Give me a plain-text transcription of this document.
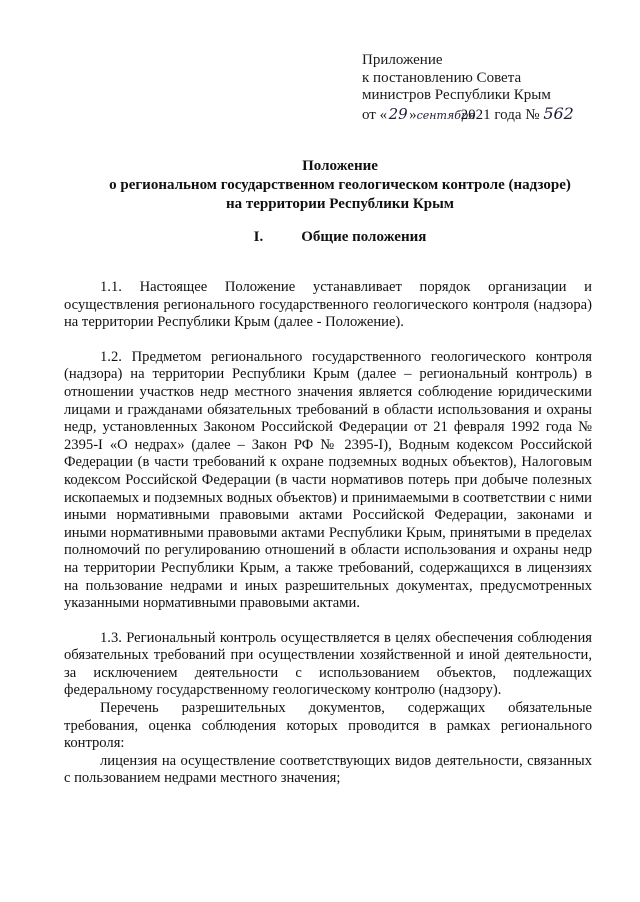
Приложение
к постановлению Совета
министров Республики Крым
от «29»сентября2021 года № 562
Положение
о региональном государственном геологическом контроле (надзоре)
на территории Республики Крым
I.	Общие положения

1.1. Настоящее Положение устанавливает порядок организации и осуществления регионального государственного геологического контроля (надзора) на территории Республики Крым (далее - Положение).

1.2. Предметом регионального государственного геологического контроля (надзора) на территории Республики Крым (далее – региональный контроль) в отношении участков недр местного значения является соблюдение юридическими лицами и гражданами обязательных требований в области использования и охраны недр, установленных Законом Российской Федерации от 21 февраля 1992 года № 2395-I «О недрах» (далее – Закон РФ № 2395-I), Водным кодексом Российской Федерации (в части требований к охране подземных водных объектов), Налоговым кодексом Российской Федерации (в части нормативов потерь при добыче полезных ископаемых и подземных водных объектов) и принимаемыми в соответствии с ними иными нормативными правовыми актами Российской Федерации, законами и иными нормативными правовыми актами Республики Крым, принятыми в пределах полномочий по регулированию отношений в области использования и охраны недр на территории Республики Крым, а также требований, содержащихся в лицензиях на пользование недрами и иных разрешительных документах, предусмотренных указанными нормативными правовыми актами.

1.3. Региональный контроль осуществляется в целях обеспечения соблюдения обязательных требований при осуществлении хозяйственной и иной деятельности, за исключением деятельности с использованием объектов, подлежащих федеральному государственному геологическому контролю (надзору).

Перечень разрешительных документов, содержащих обязательные требования, оценка соблюдения которых проводится в рамках регионального контроля:

лицензия на осуществление соответствующих видов деятельности, связанных с пользованием недрами местного значения;
